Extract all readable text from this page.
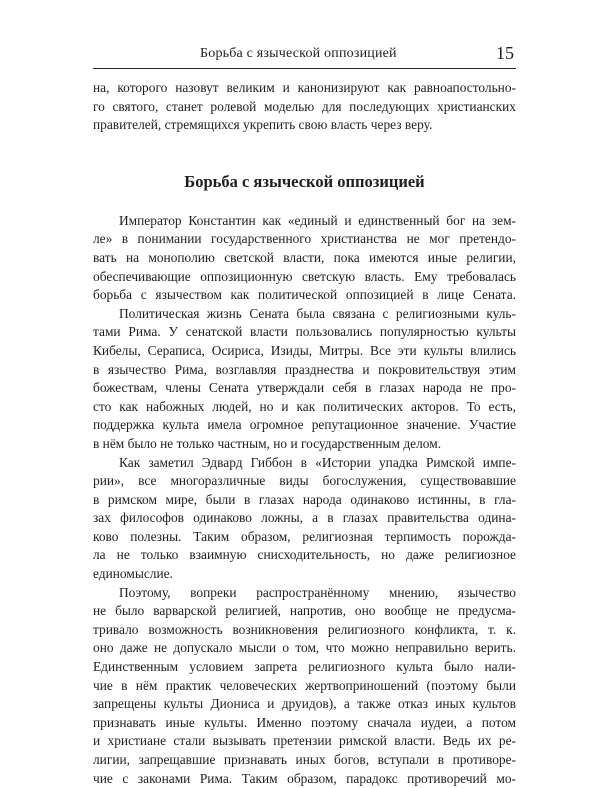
Борьба с языческой оппозицией	15
на, которого назовут великим и канонизируют как равноапостольно-
го святого, станет ролевой моделью для последующих христианских
правителей, стремящихся укрепить свою власть через веру.
Борьба с языческой оппозицией
Император Константин как «единый и единственный бог на зем-
ле» в понимании государственного христианства не мог претендо-
вать на монополию светской власти, пока имеются иные религии,
обеспечивающие оппозиционную светскую власть. Ему требовалась
борьба с язычеством как политической оппозицией в лице Сената.
Политическая жизнь Сената была связана с религиозными куль-
тами Рима. У сенатской власти пользовались популярностью культы
Кибелы, Сераписа, Осириса, Изиды, Митры. Все эти культы влились
в язычество Рима, возглавляя празднества и покровительствуя этим
божествам, члены Сената утверждали себя в глазах народа не про-
сто как набожных людей, но и как политических акторов. То есть,
поддержка культа имела огромное репутационное значение. Участие
в нём было не только частным, но и государственным делом.
Как заметил Эдвард Гиббон в «Истории упадка Римской импе-
рии», все многоразличные виды богослужения, существовавшие
в римском мире, были в глазах народа одинаково истинны, в гла-
зах философов одинаково ложны, а в глазах правительства одина-
ково полезны. Таким образом, религиозная терпимость порожда-
ла не только взаимную снисходительность, но даже религиозное
единомыслие.
Поэтому, вопреки распространённому мнению, язычество
не было варварской религией, напротив, оно вообще не предусма-
тривало возможность возникновения религиозного конфликта, т. к.
оно даже не допускало мысли о том, что можно неправильно верить.
Единственным условием запрета религиозного культа было нали-
чие в нём практик человеческих жертвоприношений (поэтому были
запрещены культы Диониса и друидов), а также отказ иных культов
признавать иные культы. Именно поэтому сначала иудеи, а потом
и христиане стали вызывать претензии римской власти. Ведь их ре-
лигии, запрещавшие признавать иных богов, вступали в противоре-
чие с законами Рима. Таким образом, парадокс противоречий мо-
